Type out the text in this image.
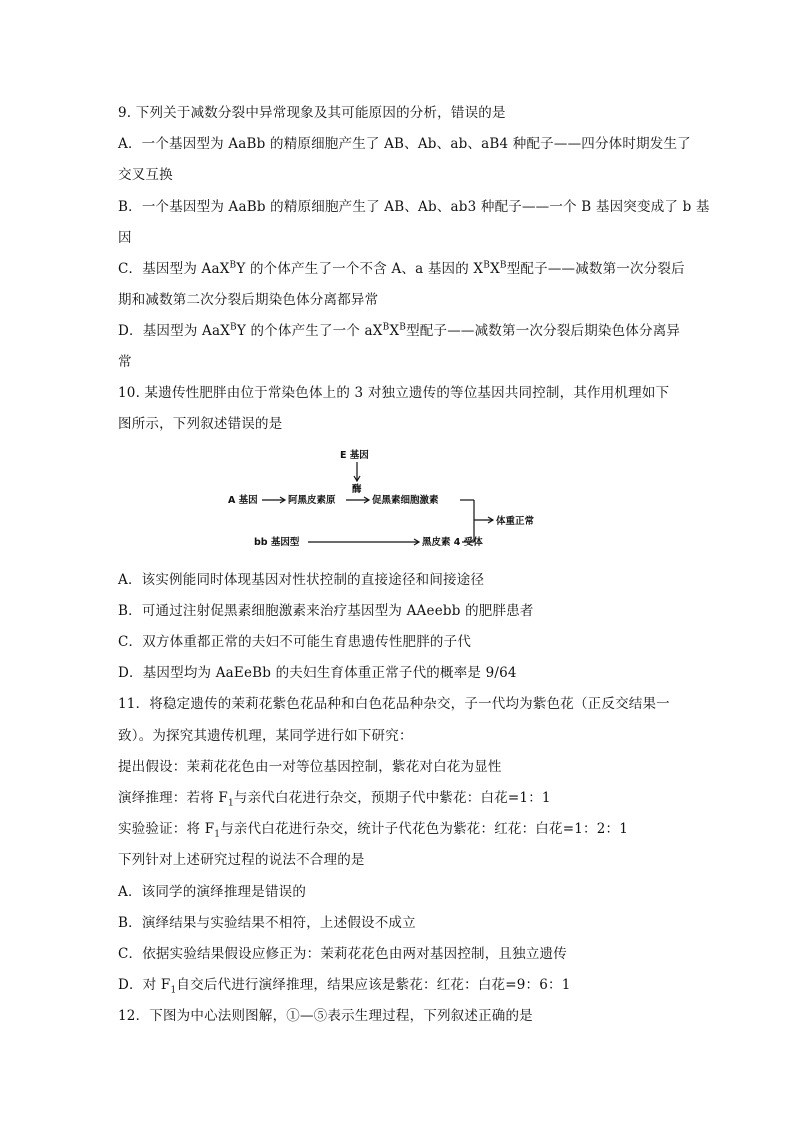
9. 下列关于减数分裂中异常现象及其可能原因的分析，错误的是
A．一个基因型为 AaBb 的精原细胞产生了 AB、Ab、ab、aB4 种配子——四分体时期发生了
交叉互换
B．一个基因型为 AaBb 的精原细胞产生了 AB、Ab、ab3 种配子——一个 B 基因突变成了 b 基
因
C．基因型为 AaX$^B$Y 的个体产生了一个不含 A、a 基因的 $X^BX^B$型配子——减数第一次分裂后
期和减数第二次分裂后期染色体分离都异常
D．基因型为 AaX$^B$Y 的个体产生了一个 $aX^BX^B$型配子——减数第一次分裂后期染色体分离异
常
10. 某遗传性肥胖由位于常染色体上的 3 对独立遗传的等位基因共同控制，其作用机理如下
图所示，下列叙述错误的是
E 基因
酶
A 基因	阿黑皮素原	促黑素细胞激素
bb 基因型	黑皮素 4 受体
体重正常
A．该实例能同时体现基因对性状控制的直接途径和间接途径
B．可通过注射促黑素细胞激素来治疗基因型为 AAeebb 的肥胖患者
C．双方体重都正常的夫妇不可能生育患遗传性肥胖的子代
D．基因型均为 AaEeBb 的夫妇生育体重正常子代的概率是 9/64
11．将稳定遗传的茉莉花紫色花品种和白色花品种杂交，子一代均为紫色花（正反交结果一
致）。为探究其遗传机理，某同学进行如下研究：
提出假设：茉莉花花色由一对等位基因控制，紫花对白花为显性
演绎推理：若将 $F_1$与亲代白花进行杂交，预期子代中紫花：白花=1：1
实验验证：将 $F_1$与亲代白花进行杂交，统计子代花色为紫花：红花：白花=1：2：1
下列针对上述研究过程的说法不合理的是
A．该同学的演绎推理是错误的
B．演绎结果与实验结果不相符，上述假设不成立
C．依据实验结果假设应修正为：茉莉花花色由两对基因控制，且独立遗传
D．对 $F_1$自交后代进行演绎推理，结果应该是紫花：红花：白花=9：6：1
12．下图为中心法则图解，①—⑤表示生理过程，下列叙述正确的是
